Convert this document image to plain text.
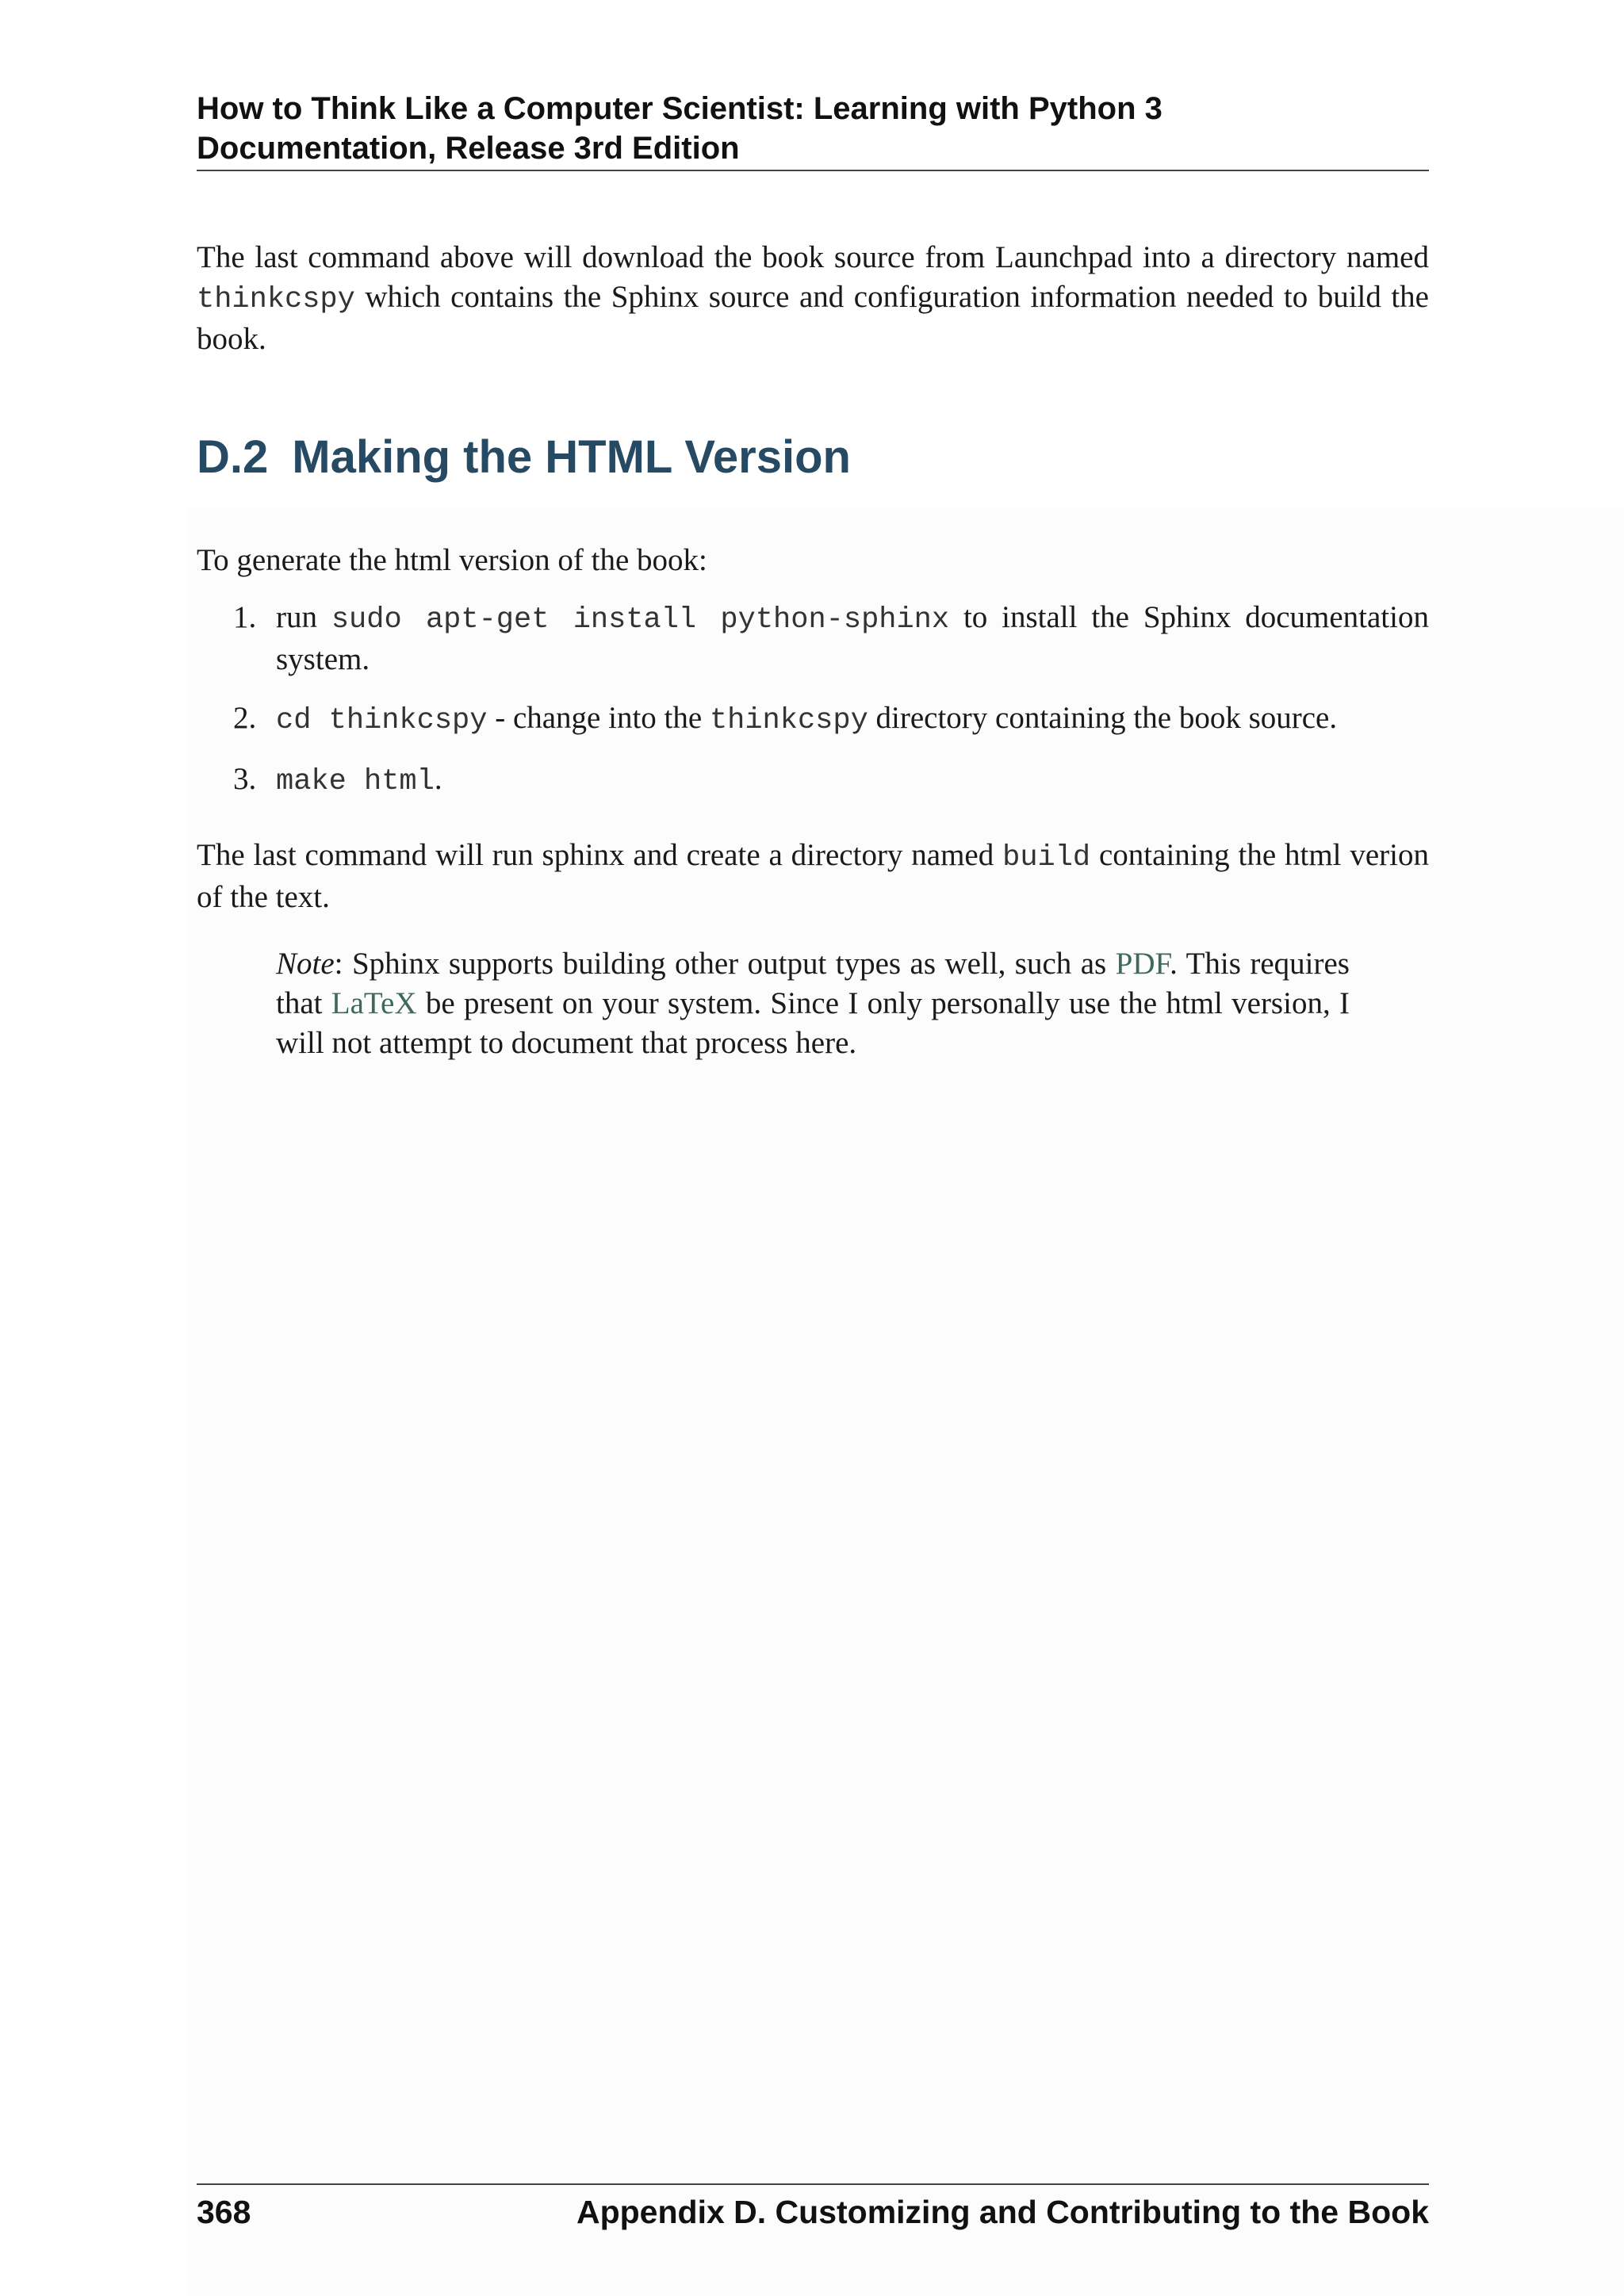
How to Think Like a Computer Scientist: Learning with Python 3
Documentation, Release 3rd Edition

The last command above will download the book source from Launchpad into a directory named thinkcspy which contains the Sphinx source and configuration information needed to build the book.

D.2 Making the HTML Version

To generate the html version of the book:

1. run sudo apt-get install python-sphinx to install the Sphinx documentation system.
2. cd thinkcspy - change into the thinkcspy directory containing the book source.
3. make html.

The last command will run sphinx and create a directory named build containing the html verion of the text.

Note: Sphinx supports building other output types as well, such as PDF. This requires that LaTeX be present on your system. Since I only personally use the html version, I will not attempt to document that process here.

368	Appendix D. Customizing and Contributing to the Book
